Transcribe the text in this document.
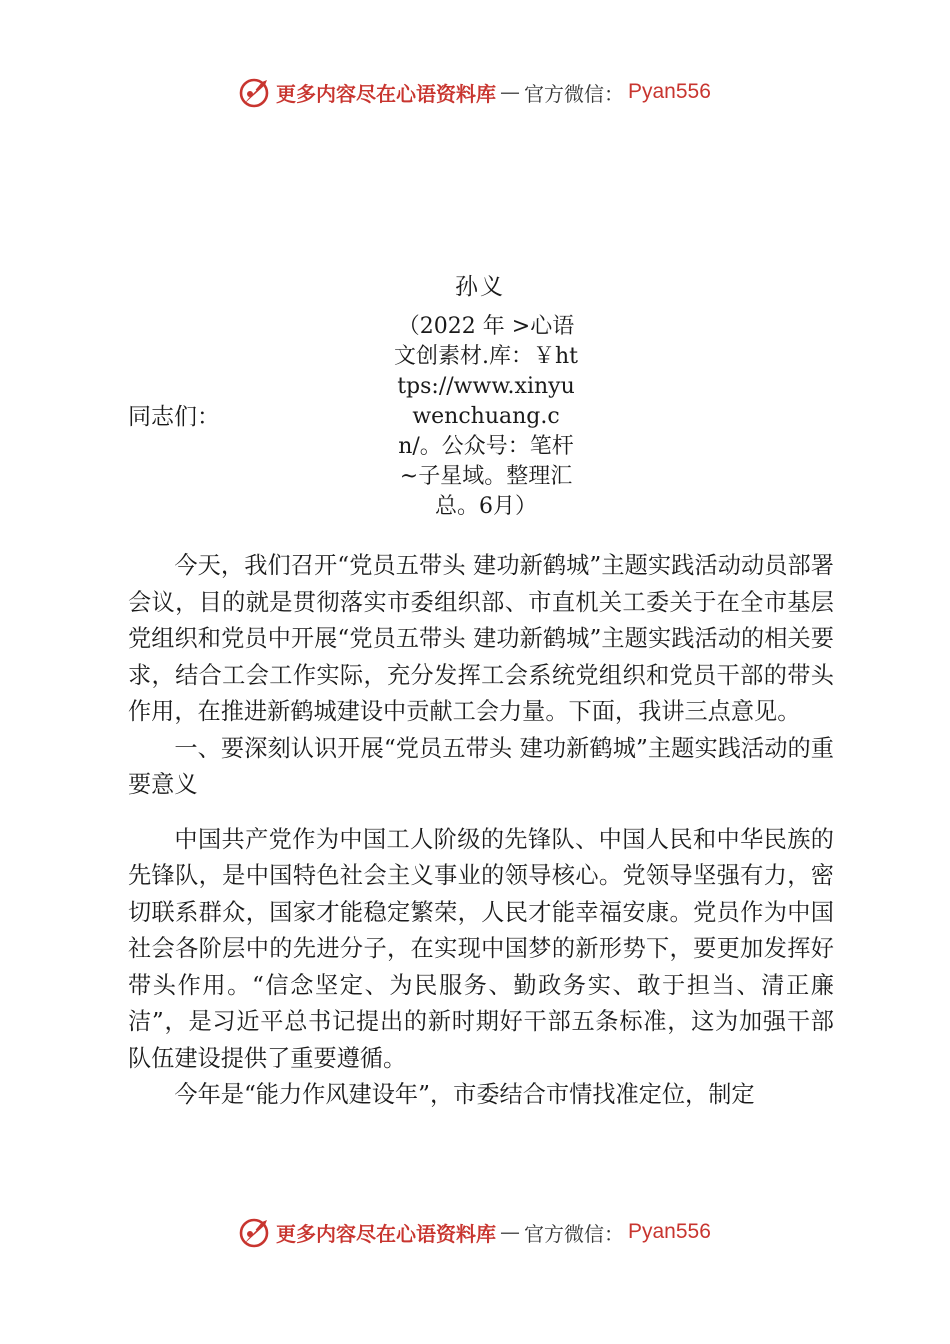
更多内容尽在心语资料库 — 官方微信： Pyan556
孙义
（2022 年 >心语文创素材.库：￥https://www.xinyuwenchuang.cn/。公众号：笔杆~子星域。整理汇总。6月）
同志们：

今天，我们召开“党员五带头 建功新鹤城”主题实践活动动员部署会议，目的就是贯彻落实市委组织部、市直机关工委关于在全市基层党组织和党员中开展“党员五带头 建功新鹤城”主题实践活动的相关要求，结合工会工作实际，充分发挥工会系统党组织和党员干部的带头作用，在推进新鹤城建设中贡献工会力量。下面，我讲三点意见。

一、要深刻认识开展“党员五带头 建功新鹤城”主题实践活动的重要意义

中国共产党作为中国工人阶级的先锋队、中国人民和中华民族的先锋队，是中国特色社会主义事业的领导核心。党领导坚强有力，密切联系群众，国家才能稳定繁荣，人民才能幸福安康。党员作为中国社会各阶层中的先进分子，在实现中国梦的新形势下，要更加发挥好带头作用。“信念坚定、为民服务、勤政务实、敢于担当、清正廉洁”，是习近平总书记提出的新时期好干部五条标准，这为加强干部队伍建设提供了重要遵循。

今年是“能力作风建设年”，市委结合市情找准定位，制定

更多内容尽在心语资料库 — 官方微信： Pyan556
